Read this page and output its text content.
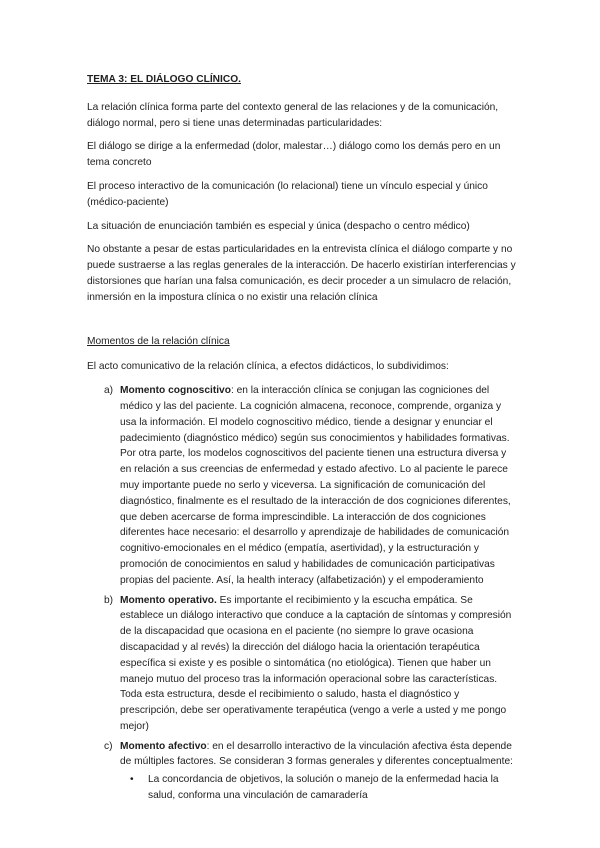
TEMA 3: EL DIÁLOGO CLÍNICO.

La relación clínica forma parte del contexto general de las relaciones y de la comunicación, diálogo normal, pero si tiene unas determinadas particularidades:

El diálogo se dirige a la enfermedad (dolor, malestar…) diálogo como los demás pero en un tema concreto

El proceso interactivo de la comunicación (lo relacional) tiene un vínculo especial y único (médico-paciente)

La situación de enunciación también es especial y única (despacho o centro médico)

No obstante a pesar de estas particularidades en la entrevista clínica el diálogo comparte y no puede sustraerse a las reglas generales de la interacción. De hacerlo existirían interferencias y distorsiones que harían una falsa comunicación, es decir proceder a un simulacro de relación, inmersión en la impostura clínica o no existir una relación clínica

Momentos de la relación clínica

El acto comunicativo de la relación clínica, a efectos didácticos, lo subdividimos:

a) Momento cognoscitivo: en la interacción clínica se conjugan las cogniciones del médico y las del paciente. La cognición almacena, reconoce, comprende, organiza y usa la información. El modelo cognoscitivo médico, tiende a designar y enunciar el padecimiento (diagnóstico médico) según sus conocimientos y habilidades formativas. Por otra parte, los modelos cognoscitivos del paciente tienen una estructura diversa y en relación a sus creencias de enfermedad y estado afectivo. Lo al paciente le parece muy importante puede no serlo y viceversa. La significación de comunicación del diagnóstico, finalmente es el resultado de la interacción de dos cogniciones diferentes, que deben acercarse de forma imprescindible. La interacción de dos cogniciones diferentes hace necesario: el desarrollo y aprendizaje de habilidades de comunicación cognitivo-emocionales en el médico (empatía, asertividad), y la estructuración y promoción de conocimientos en salud y habilidades de comunicación participativas propias del paciente. Así, la health interacy (alfabetización) y el empoderamiento
b) Momento operativo. Es importante el recibimiento y la escucha empática. Se establece un diálogo interactivo que conduce a la captación de síntomas y compresión de la discapacidad que ocasiona en el paciente (no siempre lo grave ocasiona discapacidad y al revés) la dirección del diálogo hacia la orientación terapéutica específica si existe y es posible o sintomática (no etiológica). Tienen que haber un manejo mutuo del proceso tras la información operacional sobre las características. Toda esta estructura, desde el recibimiento o saludo, hasta el diagnóstico y prescripción, debe ser operativamente terapéutica (vengo a verle a usted y me pongo mejor)
c) Momento afectivo: en el desarrollo interactivo de la vinculación afectiva ésta depende de múltiples factores. Se consideran 3 formas generales y diferentes conceptualmente:
• La concordancia de objetivos, la solución o manejo de la enfermedad hacia la salud, conforma una vinculación de camaradería
